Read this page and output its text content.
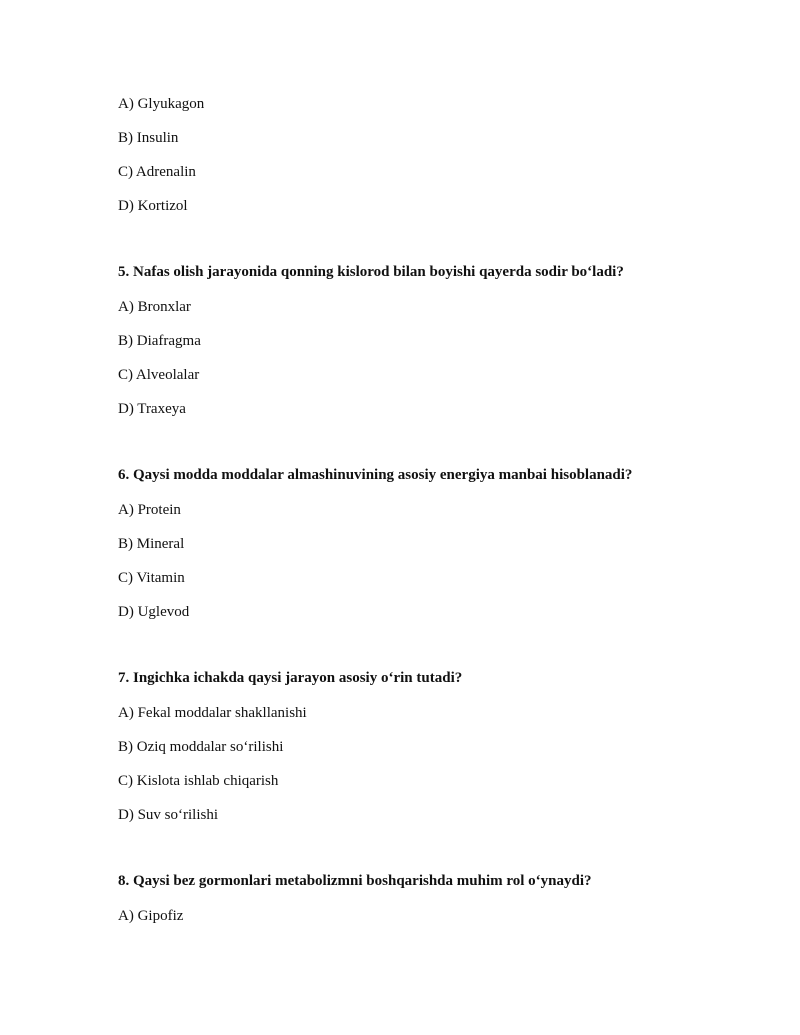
A) Glyukagon
B) Insulin
C) Adrenalin
D) Kortizol
5. Nafas olish jarayonida qonning kislorod bilan boyishi qayerda sodir boʻladi?
A) Bronxlar
B) Diafragma
C) Alveolalar
D) Traxeya
6. Qaysi modda moddalar almashinuvining asosiy energiya manbai hisoblanadi?
A) Protein
B) Mineral
C) Vitamin
D) Uglevod
7. Ingichka ichakda qaysi jarayon asosiy oʻrin tutadi?
A) Fekal moddalar shakllanishi
B) Oziq moddalar soʻrilishi
C) Kislota ishlab chiqarish
D) Suv soʻrilishi
8. Qaysi bez gormonlari metabolizmni boshqarishda muhim rol oʻynaydi?
A) Gipofiz
